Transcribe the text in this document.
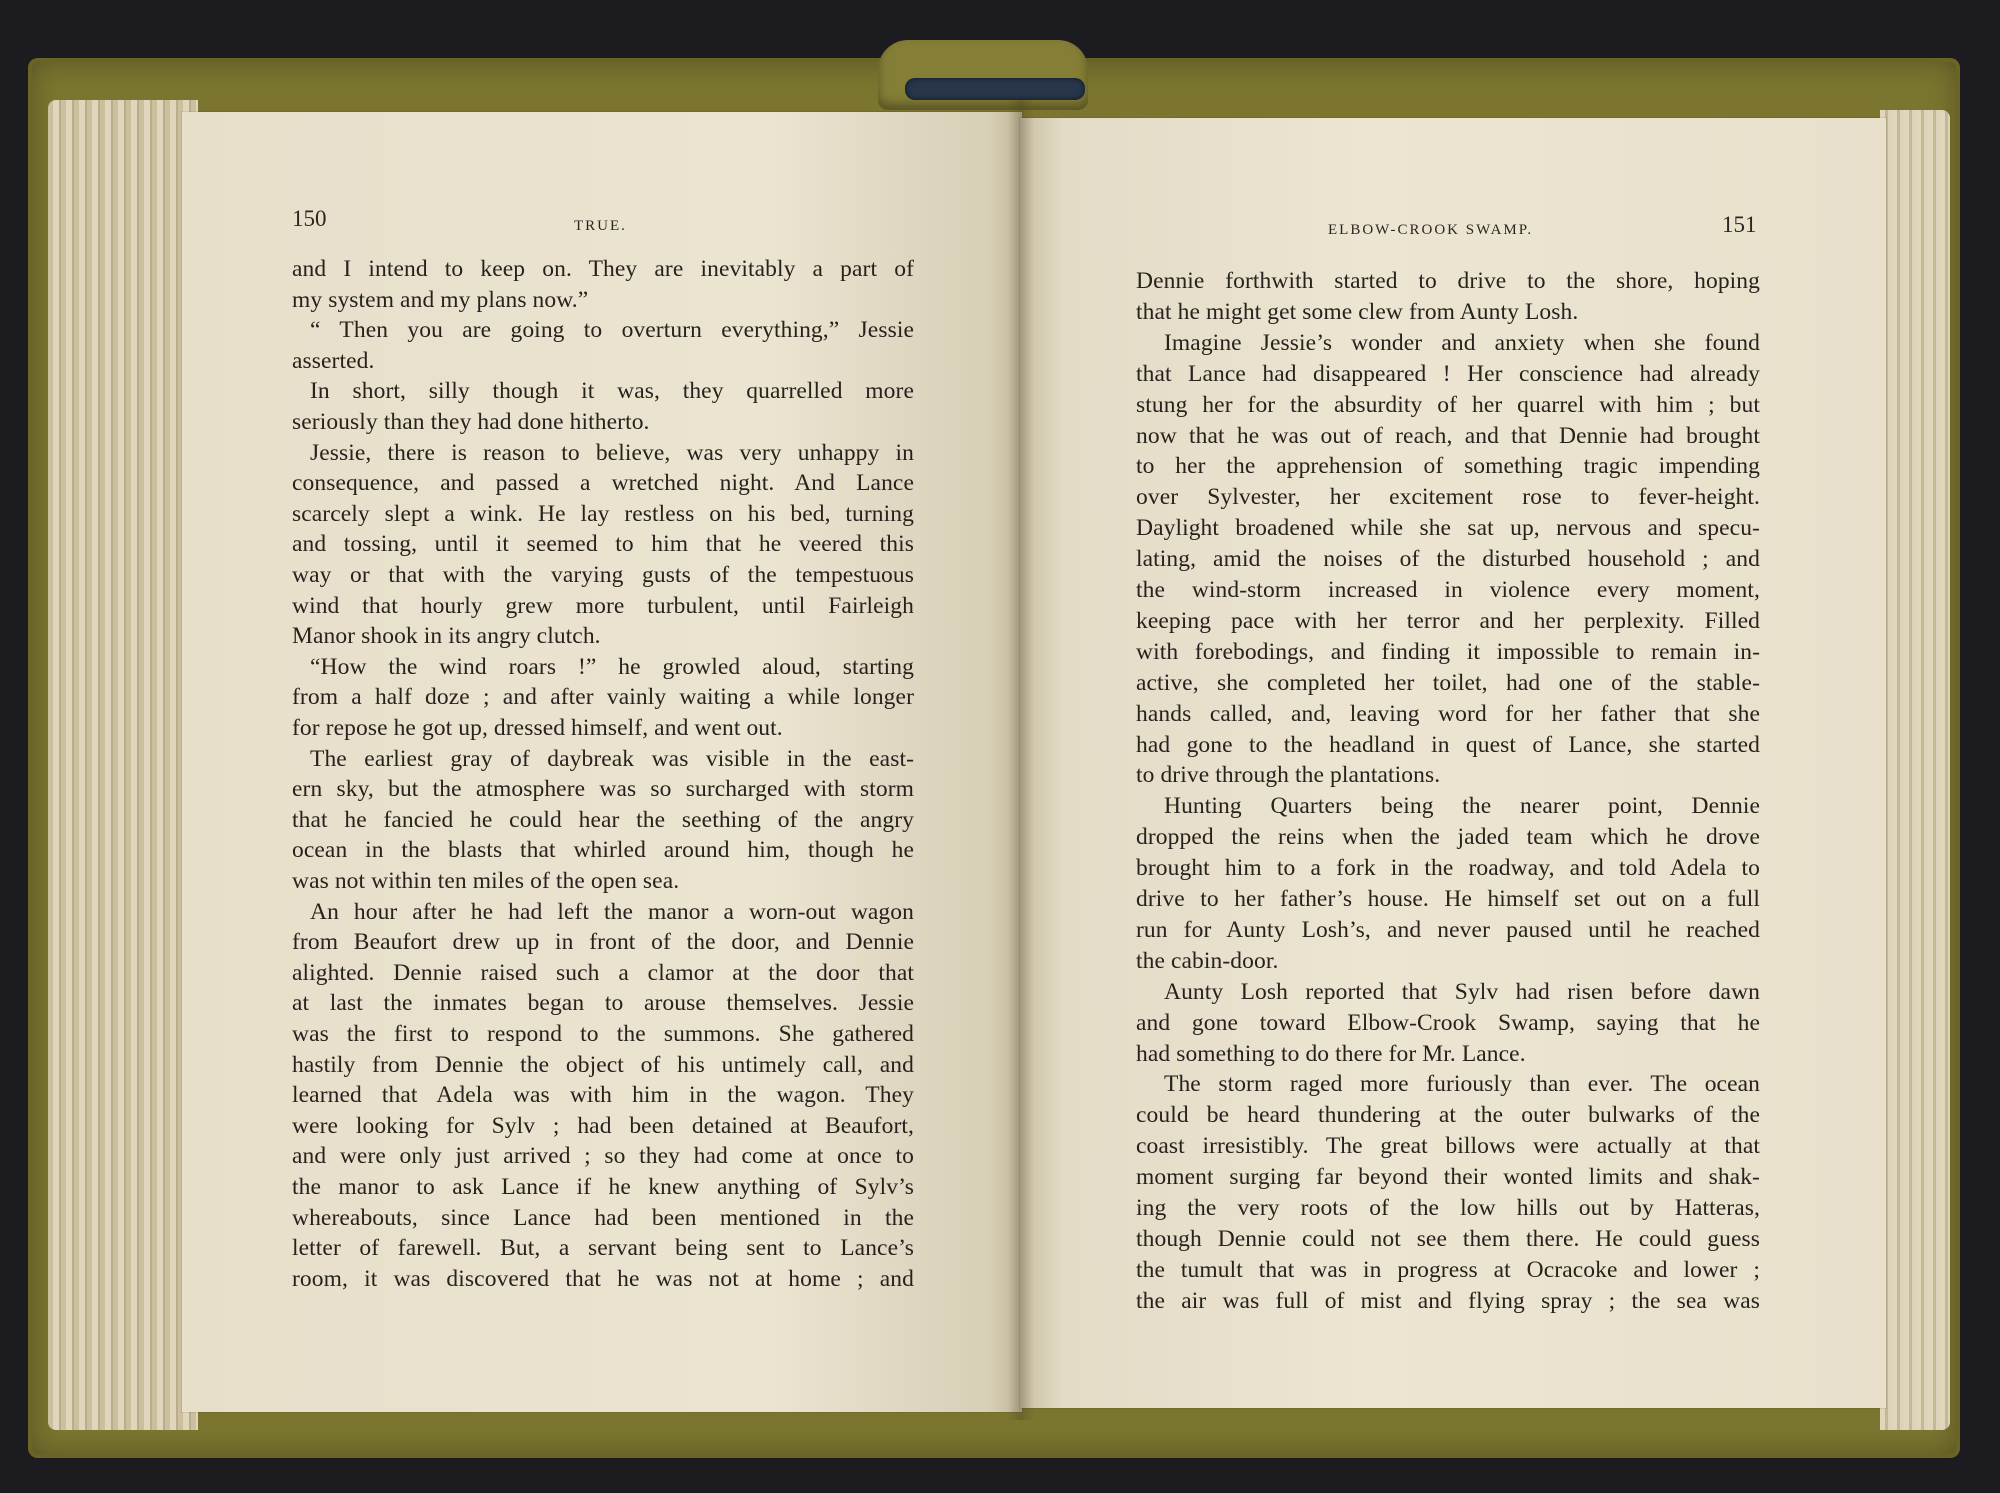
150	TRUE.	ELBOW-CROOK SWAMP.	151
and I intend to keep on. They are inevitably a part of
my system and my plans now.”
“ Then you are going to overturn everything,” Jessie
asserted.
In short, silly though it was, they quarrelled more
seriously than they had done hitherto.
Jessie, there is reason to believe, was very unhappy in
consequence, and passed a wretched night. And Lance
scarcely slept a wink. He lay restless on his bed, turning
and tossing, until it seemed to him that he veered this
way or that with the varying gusts of the tempestuous
wind that hourly grew more turbulent, until Fairleigh
Manor shook in its angry clutch.
“How the wind roars !” he growled aloud, starting
from a half doze ; and after vainly waiting a while longer
for repose he got up, dressed himself, and went out.
The earliest gray of daybreak was visible in the east-
ern sky, but the atmosphere was so surcharged with storm
that he fancied he could hear the seething of the angry
ocean in the blasts that whirled around him, though he
was not within ten miles of the open sea.
An hour after he had left the manor a worn-out wagon
from Beaufort drew up in front of the door, and Dennie
alighted. Dennie raised such a clamor at the door that
at last the inmates began to arouse themselves. Jessie
was the first to respond to the summons. She gathered
hastily from Dennie the object of his untimely call, and
learned that Adela was with him in the wagon. They
were looking for Sylv ; had been detained at Beaufort,
and were only just arrived ; so they had come at once to
the manor to ask Lance if he knew anything of Sylv’s
whereabouts, since Lance had been mentioned in the
letter of farewell. But, a servant being sent to Lance’s
room, it was discovered that he was not at home ; and
Dennie forthwith started to drive to the shore, hoping
that he might get some clew from Aunty Losh.
Imagine Jessie’s wonder and anxiety when she found
that Lance had disappeared ! Her conscience had already
stung her for the absurdity of her quarrel with him ; but
now that he was out of reach, and that Dennie had brought
to her the apprehension of something tragic impending
over Sylvester, her excitement rose to fever-height.
Daylight broadened while she sat up, nervous and specu-
lating, amid the noises of the disturbed household ; and
the wind-storm increased in violence every moment,
keeping pace with her terror and her perplexity. Filled
with forebodings, and finding it impossible to remain in-
active, she completed her toilet, had one of the stable-
hands called, and, leaving word for her father that she
had gone to the headland in quest of Lance, she started
to drive through the plantations.
Hunting Quarters being the nearer point, Dennie
dropped the reins when the jaded team which he drove
brought him to a fork in the roadway, and told Adela to
drive to her father’s house. He himself set out on a full
run for Aunty Losh’s, and never paused until he reached
the cabin-door.
Aunty Losh reported that Sylv had risen before dawn
and gone toward Elbow-Crook Swamp, saying that he
had something to do there for Mr. Lance.
The storm raged more furiously than ever. The ocean
could be heard thundering at the outer bulwarks of the
coast irresistibly. The great billows were actually at that
moment surging far beyond their wonted limits and shak-
ing the very roots of the low hills out by Hatteras,
though Dennie could not see them there. He could guess
the tumult that was in progress at Ocracoke and lower ;
the air was full of mist and flying spray ; the sea was
